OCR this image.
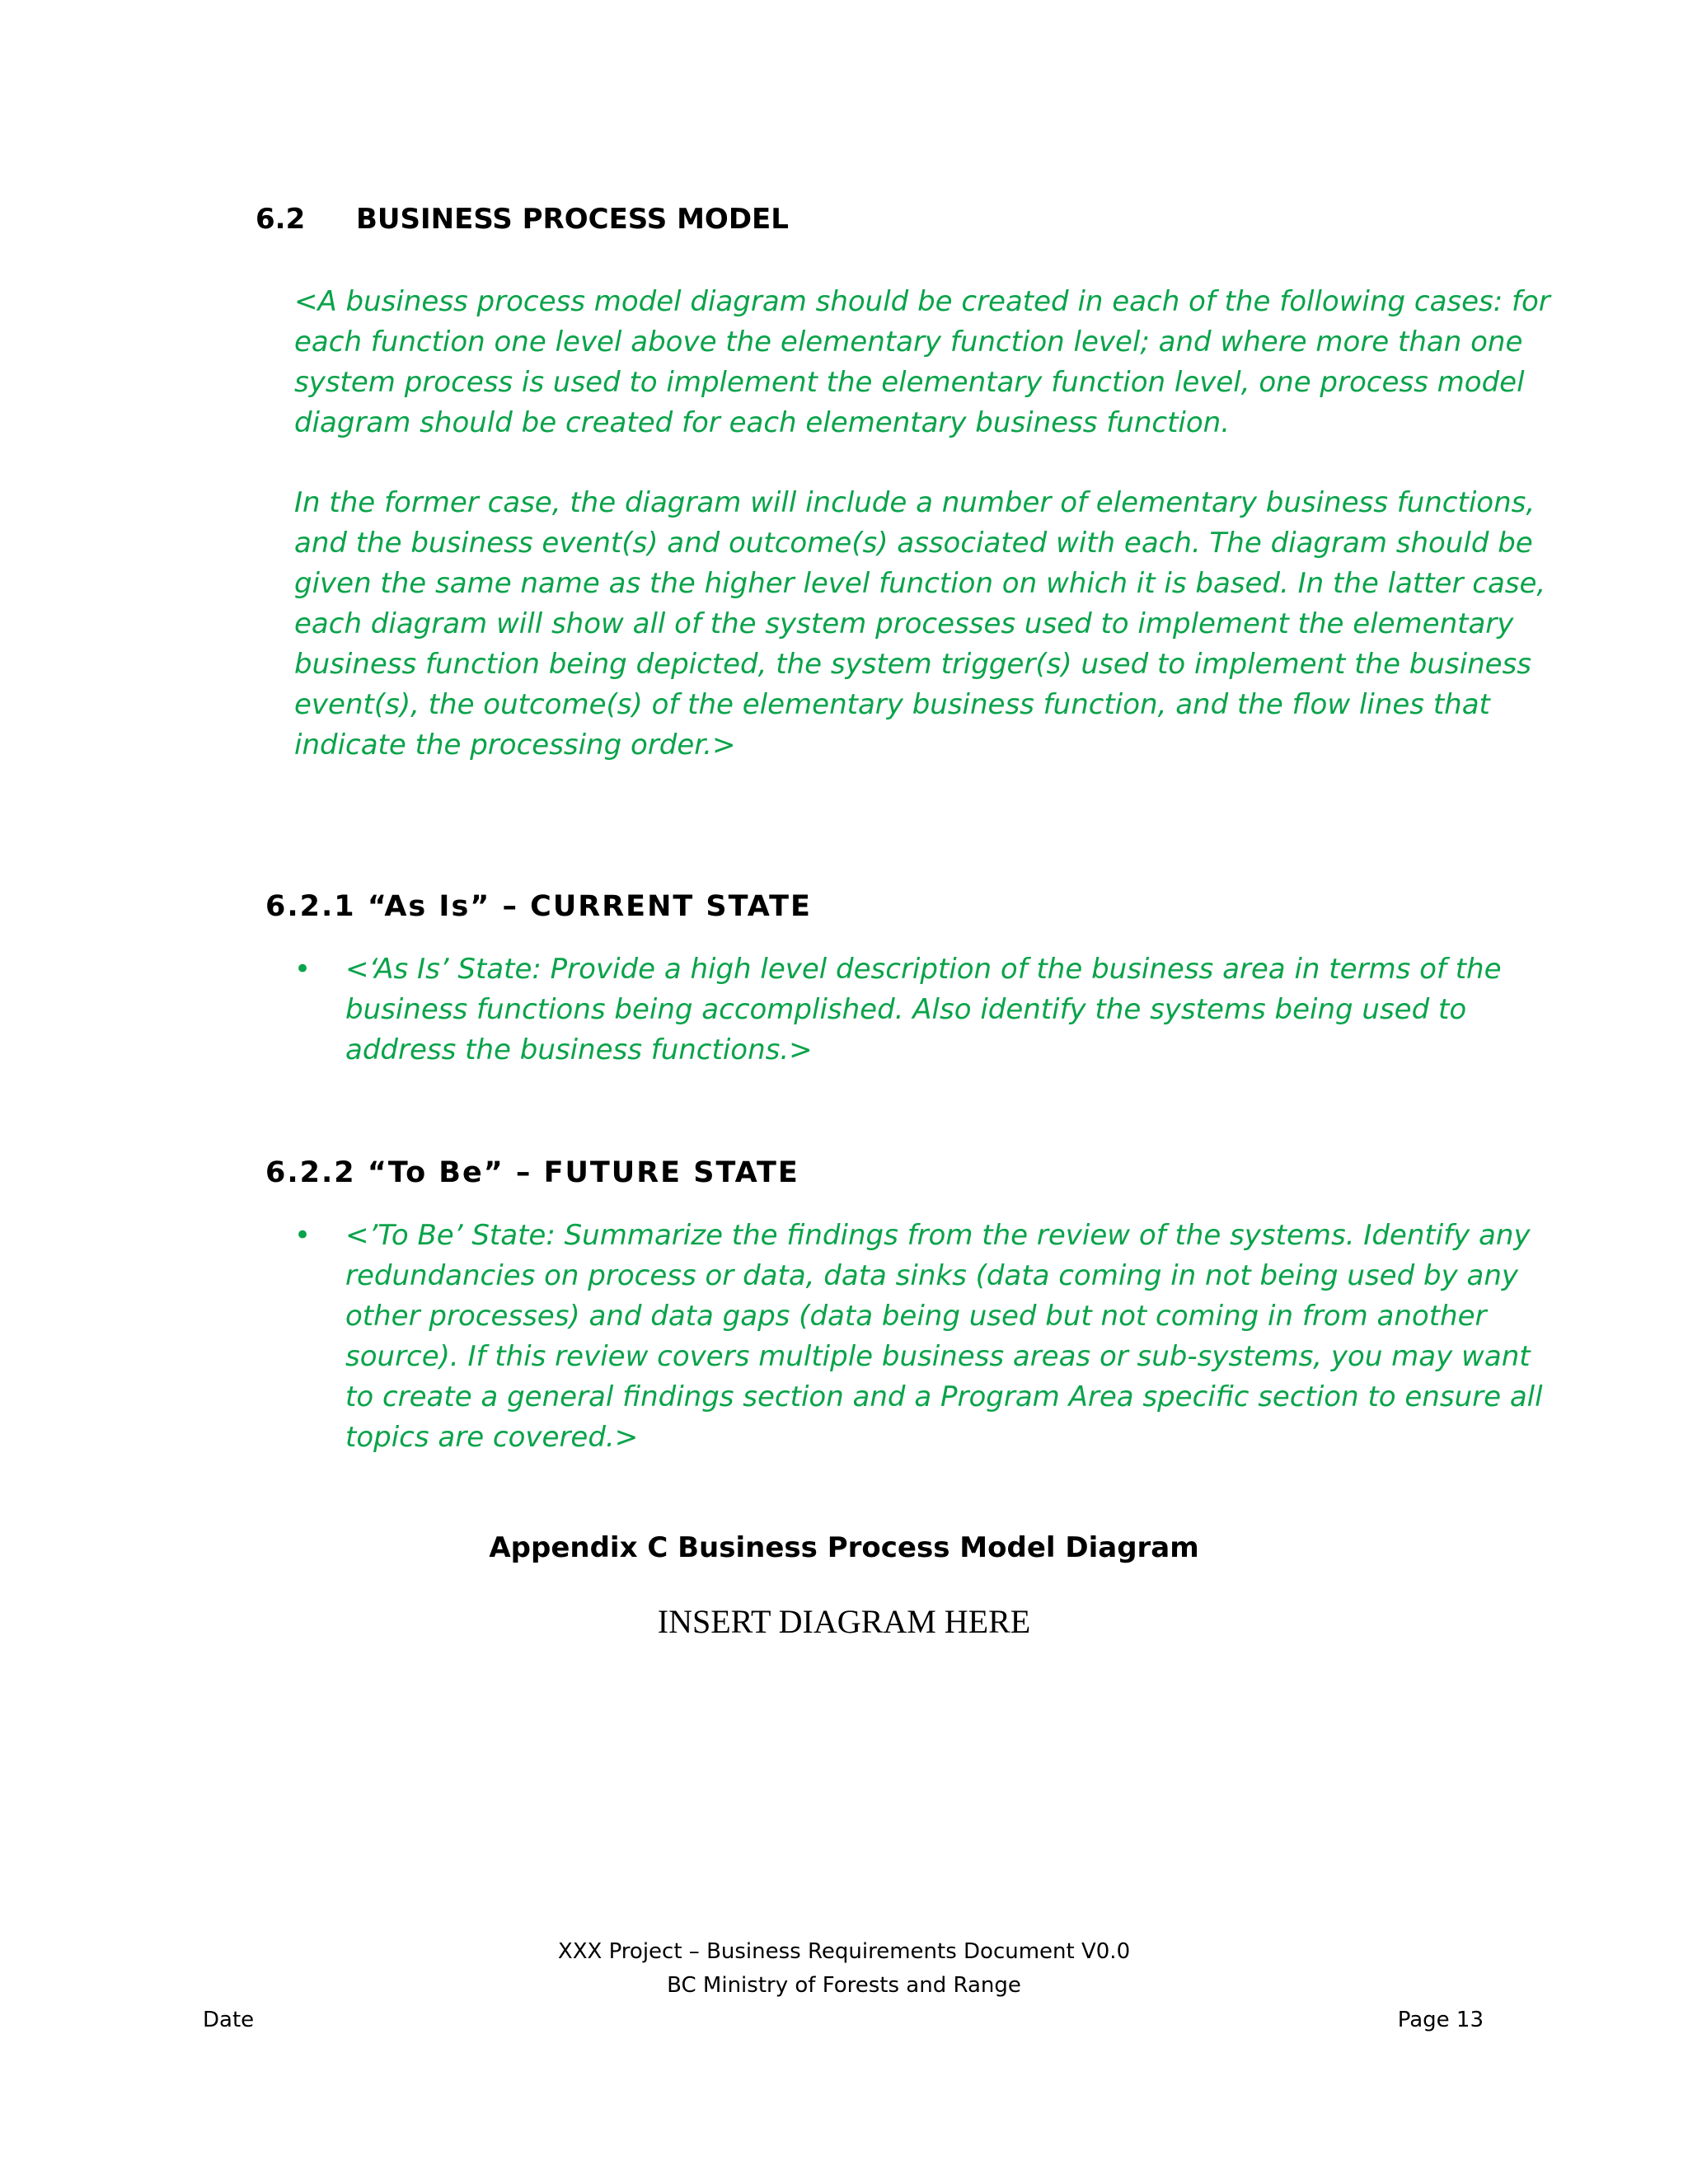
6.2 BUSINESS PROCESS MODEL
<A business process model diagram should be created in each of the following cases: for
each function one level above the elementary function level; and where more than one
system process is used to implement the elementary function level, one process model
diagram should be created for each elementary business function.
In the former case, the diagram will include a number of elementary business functions,
and the business event(s) and outcome(s) associated with each. The diagram should be
given the same name as the higher level function on which it is based. In the latter case,
each diagram will show all of the system processes used to implement the elementary
business function being depicted, the system trigger(s) used to implement the business
event(s), the outcome(s) of the elementary business function, and the flow lines that
indicate the processing order.>
6.2.1 “As Is” – CURRENT STATE
• <‘As Is’ State: Provide a high level description of the business area in terms of the
business functions being accomplished. Also identify the systems being used to
address the business functions.>
6.2.2 “To Be” – FUTURE STATE
• <’To Be’ State: Summarize the findings from the review of the systems. Identify any
redundancies on process or data, data sinks (data coming in not being used by any
other processes) and data gaps (data being used but not coming in from another
source). If this review covers multiple business areas or sub-systems, you may want
to create a general findings section and a Program Area specific section to ensure all
topics are covered.>
Appendix C Business Process Model Diagram
INSERT DIAGRAM HERE
XXX Project – Business Requirements Document V0.0
BC Ministry of Forests and Range
Date	Page 13
